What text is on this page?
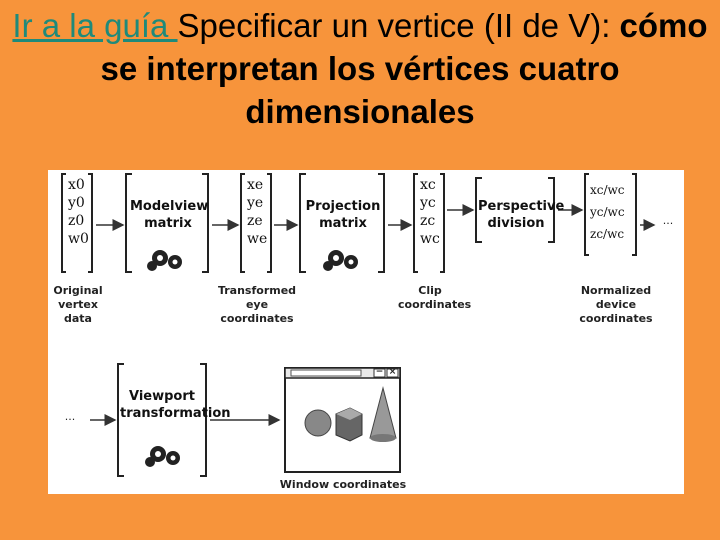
Ir a la guía Specificar un vertice (II de V): cómo se interpretan los vértices cuatro dimensionales
x0
y0
z0
w0
xe
ye
ze
we
xc
yc
zc
wc
xc/wc
yc/wc
zc/wc
Modelview matrix
Projection matrix
Perspective division
Viewport transformation
Original vertex data
Transformed eye coordinates
Clip coordinates
Normalized device coordinates
Window coordinates
...
...
− ×
